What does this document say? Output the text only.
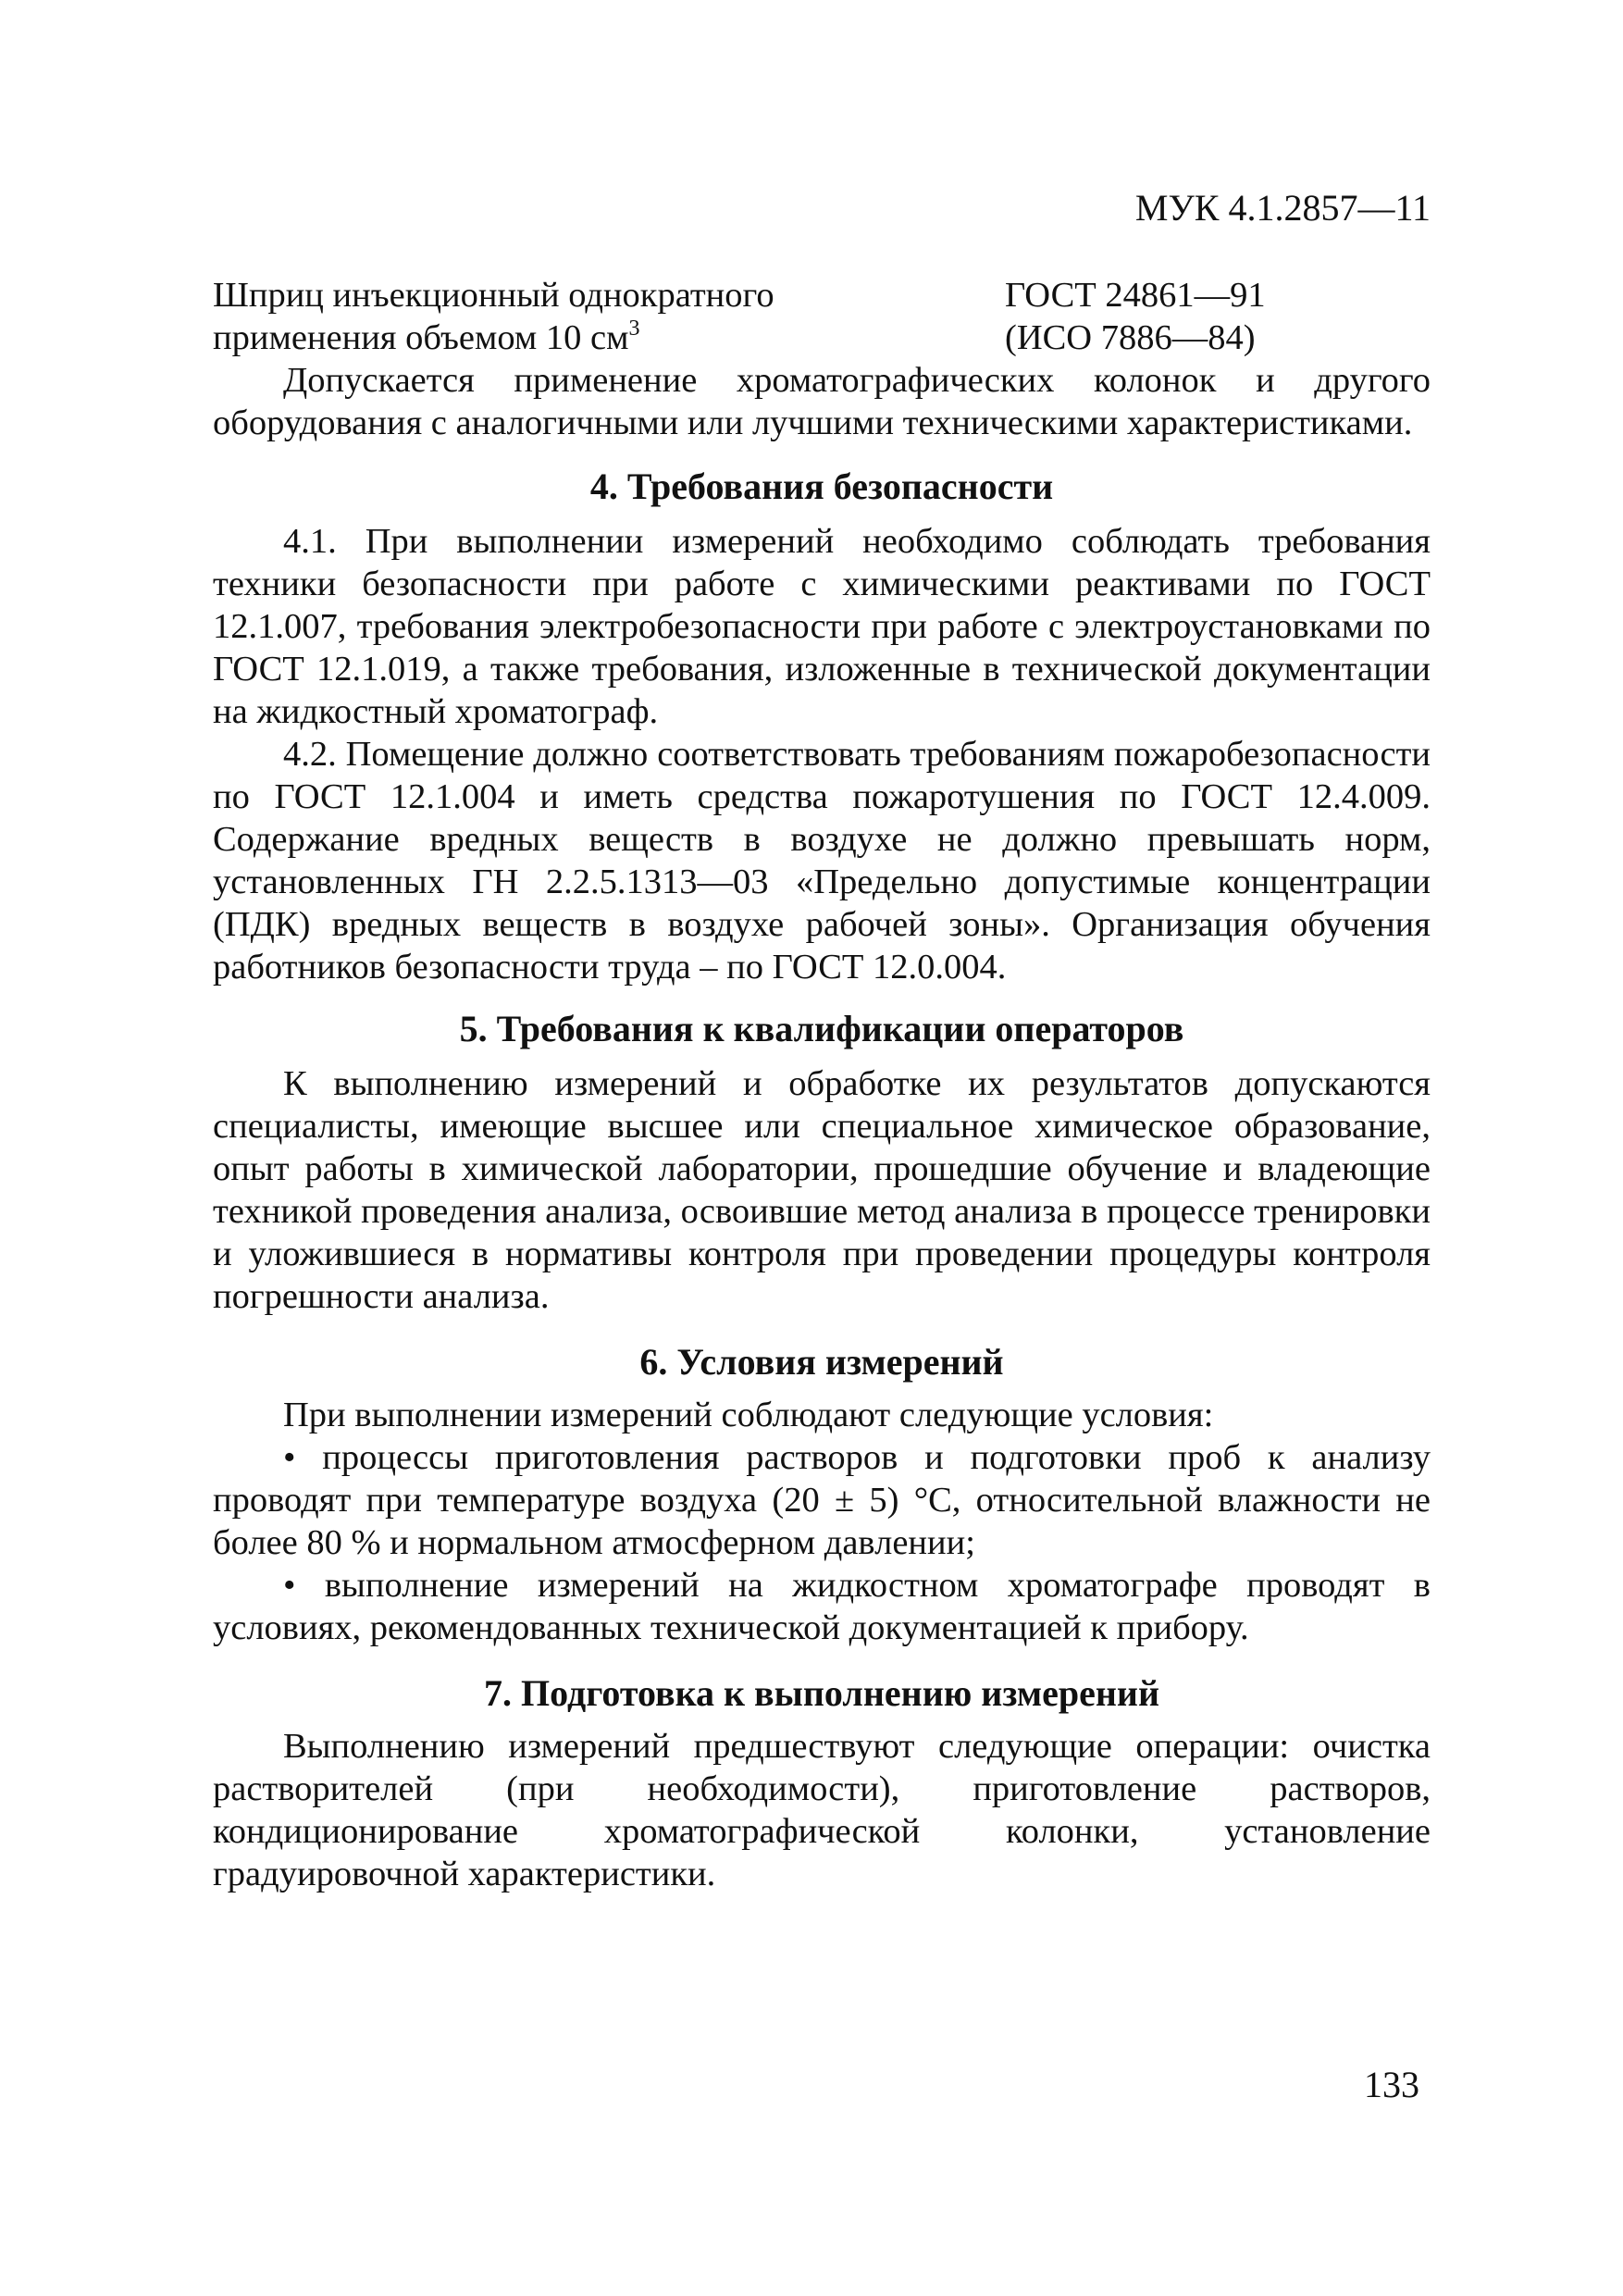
МУК 4.1.2857—11
Шприц инъекционный однократного
применения объемом 10 $см^3$
ГОСТ 24861—91
(ИСО 7886—84)

Допускается применение хроматографических колонок и другого оборудования с аналогичными или лучшими техническими характеристиками.

4. Требования безопасности

4.1. При выполнении измерений необходимо соблюдать требования техники безопасности при работе с химическими реактивами по ГОСТ 12.1.007, требования электробезопасности при работе с электроустановками по ГОСТ 12.1.019, а также требования, изложенные в технической документации на жидкостный хроматограф.

4.2. Помещение должно соответствовать требованиям пожаробезопасности по ГОСТ 12.1.004 и иметь средства пожаротушения по ГОСТ 12.4.009. Содержание вредных веществ в воздухе не должно превышать норм, установленных ГН 2.2.5.1313—03 «Предельно допустимые концентрации (ПДК) вредных веществ в воздухе рабочей зоны». Организация обучения работников безопасности труда – по ГОСТ 12.0.004.

5. Требования к квалификации операторов

К выполнению измерений и обработке их результатов допускаются специалисты, имеющие высшее или специальное химическое образование, опыт работы в химической лаборатории, прошедшие обучение и владеющие техникой проведения анализа, освоившие метод анализа в процессе тренировки и уложившиеся в нормативы контроля при проведении процедуры контроля погрешности анализа.

6. Условия измерений

При выполнении измерений соблюдают следующие условия:

• процессы приготовления растворов и подготовки проб к анализу проводят при температуре воздуха (20 ± 5) °С, относительной влажности не более 80 % и нормальном атмосферном давлении;

• выполнение измерений на жидкостном хроматографе проводят в условиях, рекомендованных технической документацией к прибору.

7. Подготовка к выполнению измерений

Выполнению измерений предшествуют следующие операции: очистка растворителей (при необходимости), приготовление растворов, кондиционирование хроматографической колонки, установление градуировочной характеристики.

133
